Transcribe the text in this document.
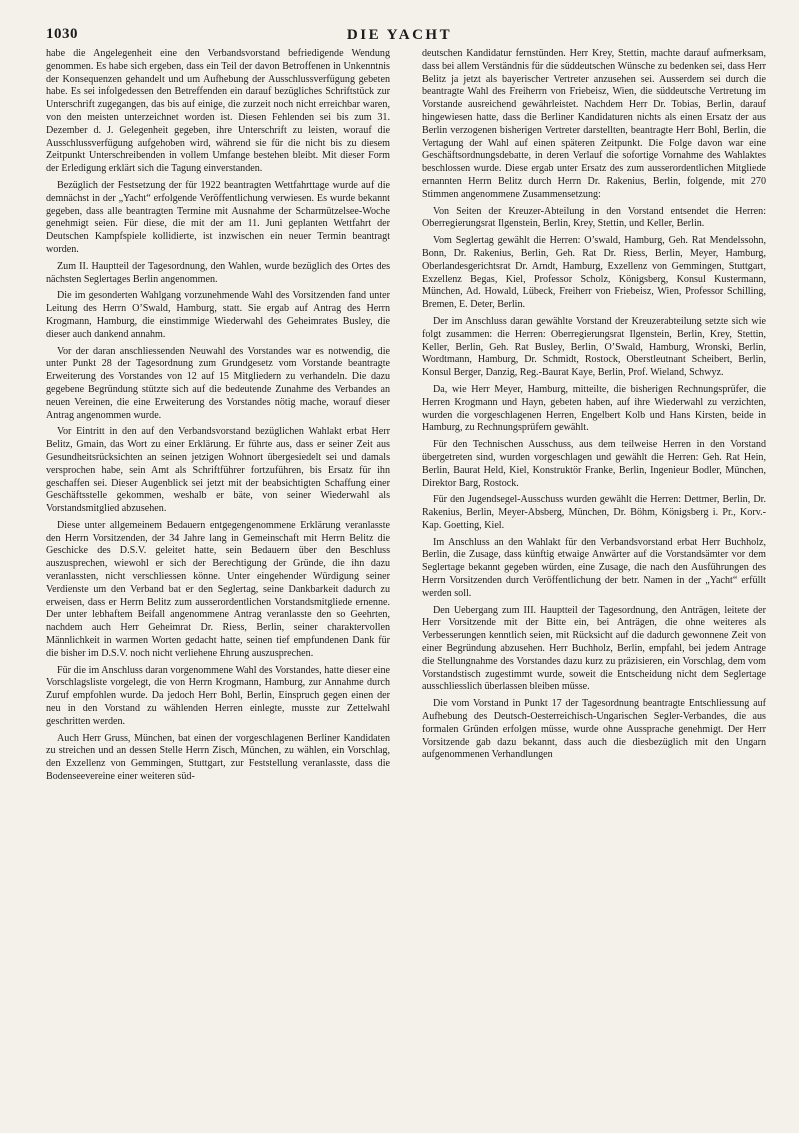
1030	DIE YACHT

habe die Angelegenheit eine den Verbandsvorstand befriedigende Wendung genommen. Es habe sich ergeben, dass ein Teil der davon Betroffenen in Unkenntnis der Konsequenzen gehandelt und um Aufhebung der Ausschlussverfügung gebeten habe. Es sei infolgedessen den Betreffenden ein darauf bezügliches Schriftstück zur Unterschrift zugegangen, das bis auf einige, die zurzeit noch nicht erreichbar waren, von den meisten unterzeichnet worden ist. Diesen Fehlenden sei bis zum 31. Dezember d. J. Gelegenheit gegeben, ihre Unterschrift zu leisten, worauf die Ausschlussverfügung aufgehoben wird, während sie für die nicht bis zu diesem Zeitpunkt Unterschreibenden in vollem Umfange bestehen bleibt. Mit dieser Form der Erledigung erklärt sich die Tagung einverstanden.

Bezüglich der Festsetzung der für 1922 beantragten Wettfahrttage wurde auf die demnächst in der „Yacht“ erfolgende Veröffentlichung verwiesen. Es wurde bekannt gegeben, dass alle beantragten Termine mit Ausnahme der Scharmützelsee-Woche genehmigt seien. Für diese, die mit der am 11. Juni geplanten Wettfahrt der Deutschen Kampfspiele kollidierte, ist inzwischen ein neuer Termin beantragt worden.

Zum II. Hauptteil der Tagesordnung, den Wahlen, wurde bezüglich des Ortes des nächsten Seglertages Berlin angenommen.

Die im gesonderten Wahlgang vorzunehmende Wahl des Vorsitzenden fand unter Leitung des Herrn O’Swald, Hamburg, statt. Sie ergab auf Antrag des Herrn Krogmann, Hamburg, die einstimmige Wiederwahl des Geheimrates Busley, die dieser auch dankend annahm.

Vor der daran anschliessenden Neuwahl des Vorstandes war es notwendig, die unter Punkt 28 der Tagesordnung zum Grundgesetz vom Vorstande beantragte Erweiterung des Vorstandes von 12 auf 15 Mitgliedern zu verhandeln. Die dazu gegebene Begründung stützte sich auf die bedeutende Zunahme des Verbandes an neuen Vereinen, die eine Erweiterung des Vorstandes nötig mache, worauf dieser Antrag angenommen wurde.

Vor Eintritt in den auf den Verbandsvorstand bezüglichen Wahlakt erbat Herr Belitz, Gmain, das Wort zu einer Erklärung. Er führte aus, dass er seiner Zeit aus Gesundheitsrücksichten an seinen jetzigen Wohnort übergesiedelt sei und damals versprochen habe, sein Amt als Schriftführer fortzuführen, bis Ersatz für ihn geschaffen sei. Dieser Augenblick sei jetzt mit der beabsichtigten Schaffung einer Geschäftsstelle gekommen, weshalb er bäte, von seiner Wiederwahl als Vorstandsmitglied abzusehen.

Diese unter allgemeinem Bedauern entgegengenommene Erklärung veranlasste den Herrn Vorsitzenden, der 34 Jahre lang in Gemeinschaft mit Herrn Belitz die Geschicke des D.S.V. geleitet hatte, sein Bedauern über den Beschluss auszusprechen, wiewohl er sich der Berechtigung der Gründe, die ihn dazu veranlassten, nicht verschliessen könne. Unter eingehender Würdigung seiner Verdienste um den Verband bat er den Seglertag, seine Dankbarkeit dadurch zu erweisen, dass er Herrn Belitz zum ausserordentlichen Vorstandsmitgliede ernenne. Der unter lebhaftem Beifall angenommene Antrag veranlasste den so Geehrten, nachdem auch Herr Geheimrat Dr. Riess, Berlin, seiner charaktervollen Männlichkeit in warmen Worten gedacht hatte, seinen tief empfundenen Dank für die bisher im D.S.V. noch nicht verliehene Ehrung auszusprechen.

Für die im Anschluss daran vorgenommene Wahl des Vorstandes, hatte dieser eine Vorschlagsliste vorgelegt, die von Herrn Krogmann, Hamburg, zur Annahme durch Zuruf empfohlen wurde. Da jedoch Herr Bohl, Berlin, Einspruch gegen einen der neu in den Vorstand zu wählenden Herren einlegte, musste zur Zettelwahl geschritten werden.

Auch Herr Gruss, München, bat einen der vorgeschlagenen Berliner Kandidaten zu streichen und an dessen Stelle Herrn Zisch, München, zu wählen, ein Vorschlag, den Exzellenz von Gemmingen, Stuttgart, zur Feststellung veranlasste, dass die Bodenseevereine einer weiteren süd-

deutschen Kandidatur fernstünden. Herr Krey, Stettin, machte darauf aufmerksam, dass bei allem Verständnis für die süddeutschen Wünsche zu bedenken sei, dass Herr Belitz ja jetzt als bayerischer Vertreter anzusehen sei. Ausserdem sei durch die beantragte Wahl des Freiherrn von Friebeisz, Wien, die süddeutsche Vertretung im Vorstande ausreichend gewährleistet. Nachdem Herr Dr. Tobias, Berlin, darauf hingewiesen hatte, dass die Berliner Kandidaturen nichts als einen Ersatz der aus Berlin verzogenen bisherigen Vertreter darstellten, beantragte Herr Bohl, Berlin, die Vertagung der Wahl auf einen späteren Zeitpunkt. Die Folge davon war eine Geschäftsordnungsdebatte, in deren Verlauf die sofortige Vornahme des Wahlaktes beschlossen wurde. Diese ergab unter Ersatz des zum ausserordentlichen Mitgliede ernannten Herrn Belitz durch Herrn Dr. Rakenius, Berlin, folgende, mit 270 Stimmen angenommene Zusammensetzung:

Von Seiten der Kreuzer-Abteilung in den Vorstand entsendet die Herren: Oberregierungsrat Ilgenstein, Berlin, Krey, Stettin, und Keller, Berlin.

Vom Seglertag gewählt die Herren: O’swald, Hamburg, Geh. Rat Mendelssohn, Bonn, Dr. Rakenius, Berlin, Geh. Rat Dr. Riess, Berlin, Meyer, Hamburg, Oberlandesgerichtsrat Dr. Arndt, Hamburg, Exzellenz von Gemmingen, Stuttgart, Exzellenz Begas, Kiel, Professor Scholz, Königsberg, Konsul Kustermann, München, Ad. Howald, Lübeck, Freiherr von Friebeisz, Wien, Professor Schilling, Bremen, E. Deter, Berlin.

Der im Anschluss daran gewählte Vorstand der Kreuzerabteilung setzte sich wie folgt zusammen: die Herren: Oberregierungsrat Ilgenstein, Berlin, Krey, Stettin, Keller, Berlin, Geh. Rat Busley, Berlin, O’Swald, Hamburg, Wronski, Berlin, Wordtmann, Hamburg, Dr. Schmidt, Rostock, Oberstleutnant Scheibert, Berlin, Konsul Berger, Danzig, Reg.-Baurat Kaye, Berlin, Prof. Wieland, Schwyz.

Da, wie Herr Meyer, Hamburg, mitteilte, die bisherigen Rechnungsprüfer, die Herren Krogmann und Hayn, gebeten haben, auf ihre Wiederwahl zu verzichten, wurden die vorgeschlagenen Herren, Engelbert Kolb und Hans Kirsten, beide in Hamburg, zu Rechnungsprüfern gewählt.

Für den Technischen Ausschuss, aus dem teilweise Herren in den Vorstand übergetreten sind, wurden vorgeschlagen und gewählt die Herren: Geh. Rat Hein, Berlin, Baurat Held, Kiel, Konstruktör Franke, Berlin, Ingenieur Bodler, München, Direktor Barg, Rostock.

Für den Jugendsegel-Ausschuss wurden gewählt die Herren: Dettmer, Berlin, Dr. Rakenius, Berlin, Meyer-Absberg, München, Dr. Böhm, Königsberg i. Pr., Korv.-Kap. Goetting, Kiel.

Im Anschluss an den Wahlakt für den Verbandsvorstand erbat Herr Buchholz, Berlin, die Zusage, dass künftig etwaige Anwärter auf die Vorstandsämter vor dem Seglertage bekannt gegeben würden, eine Zusage, die nach den Ausführungen des Herrn Vorsitzenden durch Veröffentlichung der betr. Namen in der „Yacht“ erfüllt werden soll.

Den Uebergang zum III. Hauptteil der Tagesordnung, den Anträgen, leitete der Herr Vorsitzende mit der Bitte ein, bei Anträgen, die ohne weiteres als Verbesserungen kenntlich seien, mit Rücksicht auf die dadurch gewonnene Zeit von einer Begründung abzusehen. Herr Buchholz, Berlin, empfahl, bei jedem Antrage die Stellungnahme des Vorstandes dazu kurz zu präzisieren, ein Vorschlag, dem vom Vorstandstisch zugestimmt wurde, soweit die Entscheidung nicht dem Seglertage ausschliesslich überlassen bleiben müsse.

Die vom Vorstand in Punkt 17 der Tagesordnung beantragte Entschliessung auf Aufhebung des Deutsch-Oesterreichisch-Ungarischen Segler-Verbandes, die aus formalen Gründen erfolgen müsse, wurde ohne Aussprache genehmigt. Der Herr Vorsitzende gab dazu bekannt, dass auch die diesbezüglich mit den Ungarn aufgenommenen Verhandlungen
